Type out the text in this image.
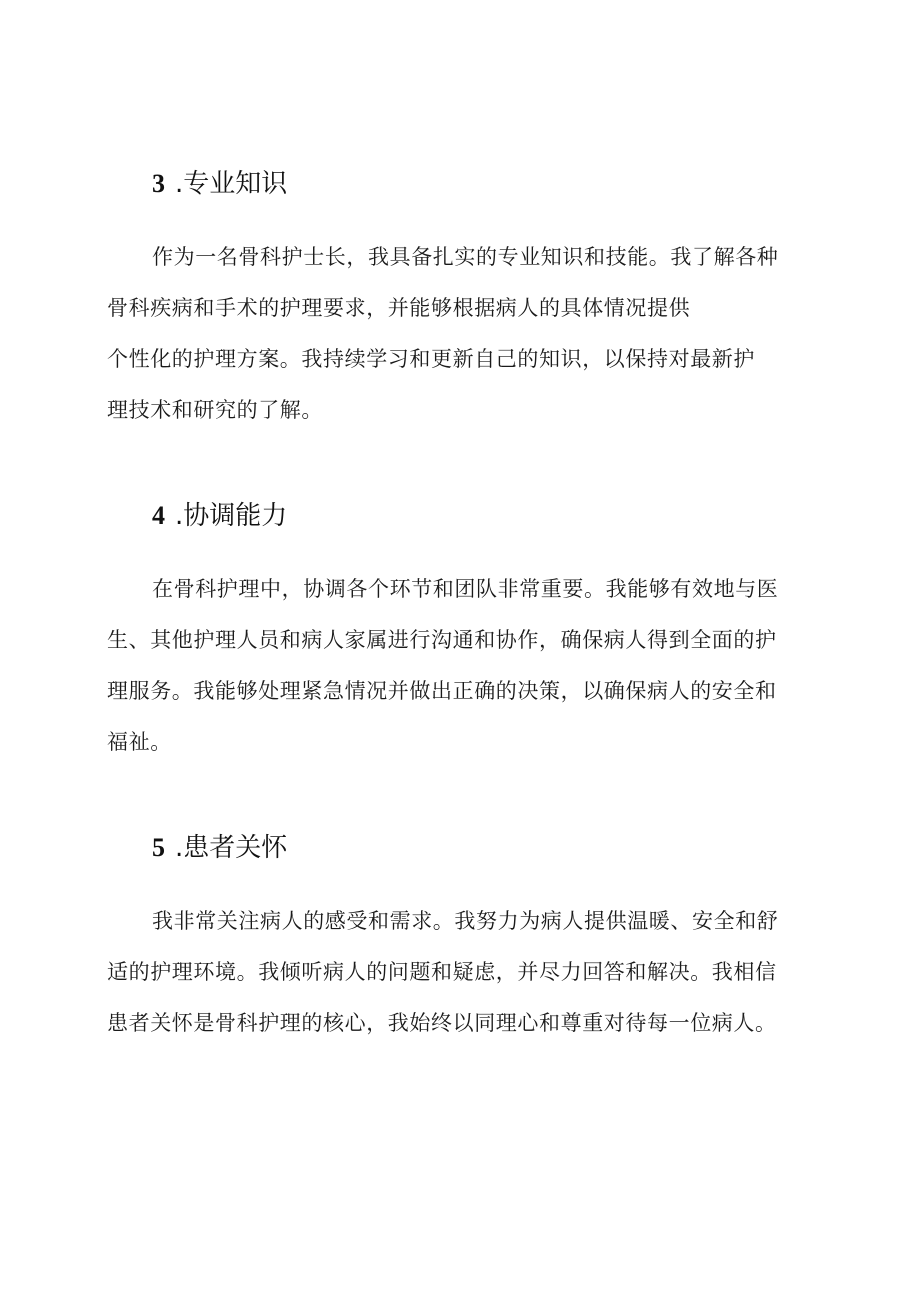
3 .专业知识
作为一名骨科护士长，我具备扎实的专业知识和技能。我了解各种
骨科疾病和手术的护理要求，并能够根据病人的具体情况提供
个性化的护理方案。我持续学习和更新自己的知识，以保持对最新护
理技术和研究的了解。
4 .协调能力
在骨科护理中，协调各个环节和团队非常重要。我能够有效地与医
生、其他护理人员和病人家属进行沟通和协作，确保病人得到全面的护
理服务。我能够处理紧急情况并做出正确的决策，以确保病人的安全和
福祉。
5 .患者关怀
我非常关注病人的感受和需求。我努力为病人提供温暖、安全和舒
适的护理环境。我倾听病人的问题和疑虑，并尽力回答和解决。我相信
患者关怀是骨科护理的核心，我始终以同理心和尊重对待每一位病人。
